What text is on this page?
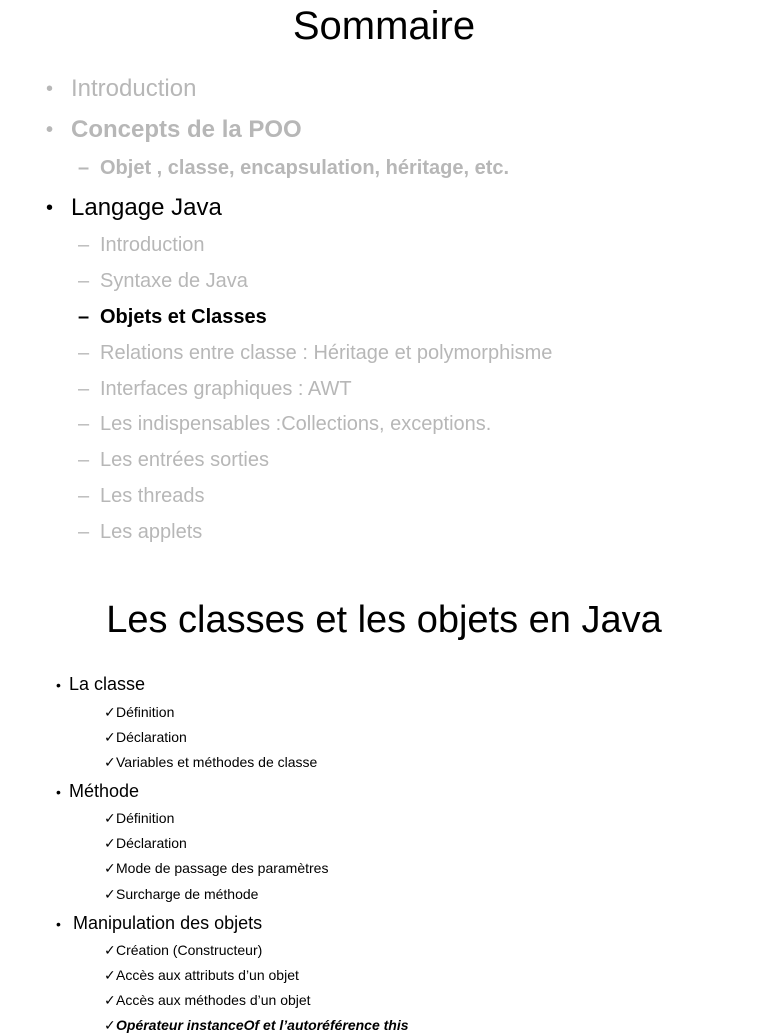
Sommaire
• Introduction
• Concepts de la POO
– Objet , classe, encapsulation, héritage, etc.
• Langage Java
– Introduction
– Syntaxe de Java
– Objets et Classes
– Relations entre classe : Héritage et polymorphisme
– Interfaces graphiques : AWT
– Les indispensables :Collections, exceptions.
– Les entrées sorties
– Les threads
– Les applets
Les classes et les objets en Java
• La classe
✓Définition
✓Déclaration
✓Variables et méthodes de classe
• Méthode
✓Définition
✓Déclaration
✓Mode de passage des paramètres
✓Surcharge de méthode
• Manipulation des objets
✓Création (Constructeur)
✓Accès aux attributs d’un objet
✓Accès aux méthodes d’un objet
✓Opérateur instanceOf et l’autoréférence this
